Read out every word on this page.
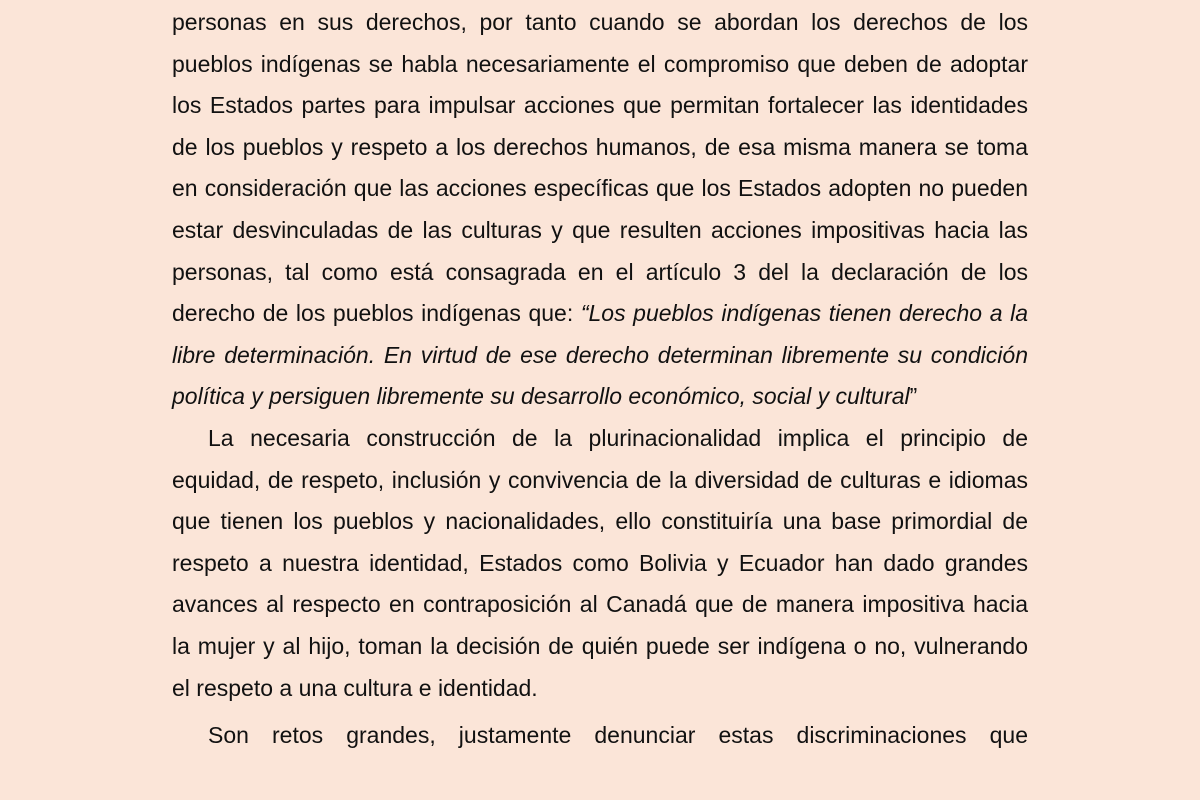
personas en sus derechos, por tanto cuando se abordan los derechos de los pueblos indígenas se habla necesariamente el compromiso que deben de adoptar los Estados partes para impulsar acciones que permitan fortalecer las identidades de los pueblos y respeto a los derechos humanos, de esa misma manera se toma en consideración que las acciones específicas que los Estados adopten no pueden estar desvinculadas de las culturas y que resulten acciones impositivas hacia las personas, tal como está consagrada en el artículo 3 del la declaración de los derecho de los pueblos indígenas que: “Los pueblos indígenas tienen derecho a la libre determinación. En virtud de ese derecho determinan libremente su condición política y persiguen libremente su desarrollo económico, social y cultural”

La necesaria construcción de la plurinacionalidad implica el principio de equidad, de respeto, inclusión y convivencia de la diversidad de culturas e idiomas que tienen los pueblos y nacionalidades, ello constituiría una base primordial de respeto a nuestra identidad, Estados como Bolivia y Ecuador han dado grandes avances al respecto en contraposición al Canadá que de manera impositiva hacia la mujer y al hijo, toman la decisión de quién puede ser indígena o no, vulnerando el respeto a una cultura e identidad.

Son retos grandes, justamente denunciar estas discriminaciones que
